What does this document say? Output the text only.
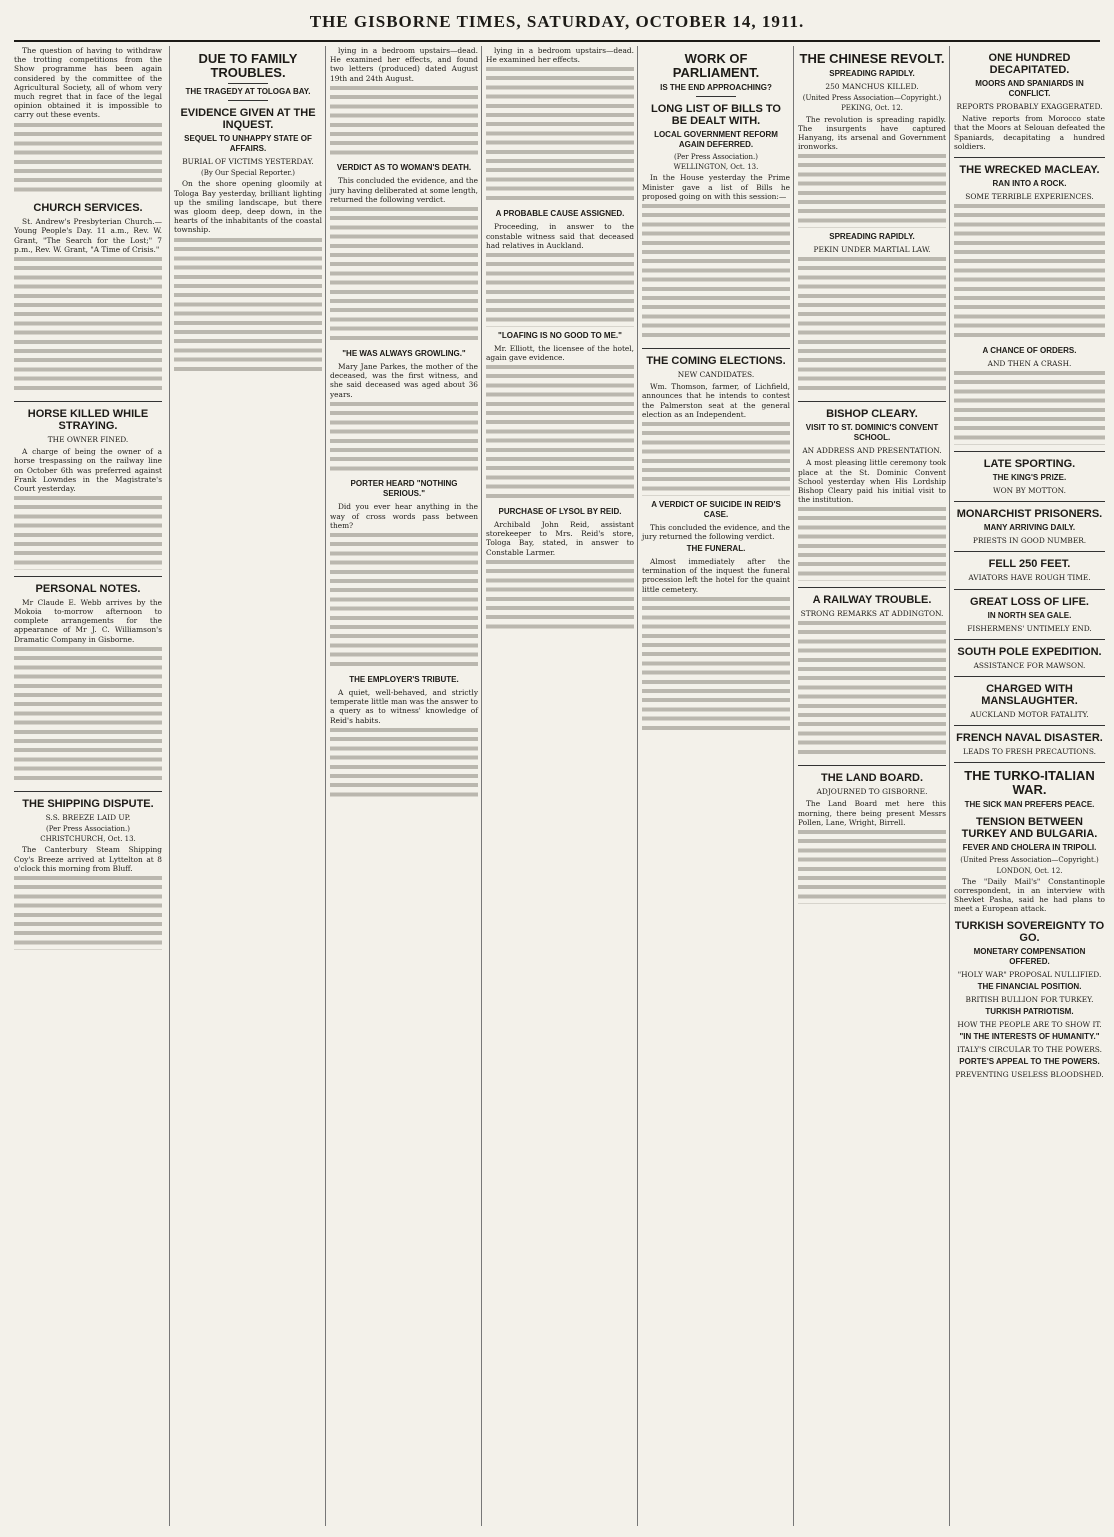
THE GISBORNE TIMES, SATURDAY, OCTOBER 14, 1911.

The question of having to withdraw the trotting competitions from the Show programme has been again considered by the committee of the Agricultural Society, all of whom very much regret that in face of the legal opinion obtained it is impossible to carry out these events.

CHURCH SERVICES.

St. Andrew's Presbyterian Church.—Young People's Day. 11 a.m., Rev. W. Grant, "The Search for the Lost;" 7 p.m., Rev. W. Grant, "A Time of Crisis."

HORSE KILLED WHILE STRAYING.
THE OWNER FINED.

A charge of being the owner of a horse trespassing on the railway line on October 6th was preferred against Frank Lowndes in the Magistrate's Court yesterday.

PERSONAL NOTES.

Mr Claude E. Webb arrives by the Mokoia to-morrow afternoon to complete arrangements for the appearance of Mr J. C. Williamson's Dramatic Company in Gisborne.

THE SHIPPING DISPUTE.
S.S. BREEZE LAID UP.
(Per Press Association.)
CHRISTCHURCH, Oct. 13.

The Canterbury Steam Shipping Coy's Breeze arrived at Lyttelton at 8 o'clock this morning from Bluff.

DUE TO FAMILY TROUBLES.
THE TRAGEDY AT TOLOGA BAY.
EVIDENCE GIVEN AT THE INQUEST.
SEQUEL TO UNHAPPY STATE OF AFFAIRS.
BURIAL OF VICTIMS YESTERDAY.
(By Our Special Reporter.)

On the shore opening gloomily at Tologa Bay yesterday, brilliant lighting up the smiling landscape, but there was gloom deep, deep down, in the hearts of the inhabitants of the coastal township.

lying in a bedroom upstairs—dead. He examined her effects, and found two letters (produced) dated August 19th and 24th August.

VERDICT AS TO WOMAN'S DEATH.

This concluded the evidence, and the jury having deliberated at some length, returned the following verdict.

"HE WAS ALWAYS GROWLING."

Mary Jane Parkes, the mother of the deceased, was the first witness, and she said deceased was aged about 36 years.

PORTER HEARD "NOTHING SERIOUS."

Did you ever hear anything in the way of cross words pass between them?

THE EMPLOYER'S TRIBUTE.

A quiet, well-behaved, and strictly temperate little man was the answer to a query as to witness' knowledge of Reid's habits.

lying in a bedroom upstairs—dead. He examined her effects.

A PROBABLE CAUSE ASSIGNED.

Proceeding, in answer to the constable witness said that deceased had relatives in Auckland.

"LOAFING IS NO GOOD TO ME."

Mr. Elliott, the licensee of the hotel, again gave evidence.

PURCHASE OF LYSOL BY REID.

Archibald John Reid, assistant storekeeper to Mrs. Reid's store, Tologa Bay, stated, in answer to Constable Larmer.

WORK OF PARLIAMENT.
IS THE END APPROACHING?
LONG LIST OF BILLS TO BE DEALT WITH.
LOCAL GOVERNMENT REFORM AGAIN DEFERRED.
(Per Press Association.)
WELLINGTON, Oct. 13.

In the House yesterday the Prime Minister gave a list of Bills he proposed going on with this session:—

THE COMING ELECTIONS.
NEW CANDIDATES.

Wm. Thomson, farmer, of Lichfield, announces that he intends to contest the Palmerston seat at the general election as an Independent.

A VERDICT OF SUICIDE IN REID'S CASE.

This concluded the evidence, and the jury returned the following verdict.

THE FUNERAL.

Almost immediately after the termination of the inquest the funeral procession left the hotel for the quaint little cemetery.

THE CHINESE REVOLT.
SPREADING RAPIDLY.
250 MANCHUS KILLED.
(United Press Association—Copyright.)
PEKING, Oct. 12.

The revolution is spreading rapidly. The insurgents have captured Hanyang, its arsenal and Government ironworks.

SPREADING RAPIDLY.
PEKIN UNDER MARTIAL LAW.
BISHOP CLEARY.
VISIT TO ST. DOMINIC'S CONVENT SCHOOL.
AN ADDRESS AND PRESENTATION.

A most pleasing little ceremony took place at the St. Dominic Convent School yesterday when His Lordship Bishop Cleary paid his initial visit to the institution.

A RAILWAY TROUBLE.
STRONG REMARKS AT ADDINGTON.
THE LAND BOARD.
ADJOURNED TO GISBORNE.

The Land Board met here this morning, there being present Messrs Pollen, Lane, Wright, Birrell.

ONE HUNDRED DECAPITATED.
MOORS AND SPANIARDS IN CONFLICT.
REPORTS PROBABLY EXAGGERATED.

Native reports from Morocco state that the Moors at Selouan defeated the Spaniards, decapitating a hundred soldiers.

THE WRECKED MACLEAY.
RAN INTO A ROCK.
SOME TERRIBLE EXPERIENCES.
A CHANCE OF ORDERS.
AND THEN A CRASH.
LATE SPORTING.
THE KING'S PRIZE.
WON BY MOTTON.
MONARCHIST PRISONERS.
MANY ARRIVING DAILY.
PRIESTS IN GOOD NUMBER.
FELL 250 FEET.
AVIATORS HAVE ROUGH TIME.
GREAT LOSS OF LIFE.
IN NORTH SEA GALE.
FISHERMENS' UNTIMELY END.
SOUTH POLE EXPEDITION.
ASSISTANCE FOR MAWSON.
CHARGED WITH MANSLAUGHTER.
AUCKLAND MOTOR FATALITY.
FRENCH NAVAL DISASTER.
LEADS TO FRESH PRECAUTIONS.
THE TURKO-ITALIAN WAR.
THE SICK MAN PREFERS PEACE.
TENSION BETWEEN TURKEY AND BULGARIA.
FEVER AND CHOLERA IN TRIPOLI.
(United Press Association—Copyright.)
LONDON, Oct. 12.

The "Daily Mail's" Constantinople correspondent, in an interview with Shevket Pasha, said he had plans to meet a European attack.

TURKISH SOVEREIGNTY TO GO.
MONETARY COMPENSATION OFFERED.
"HOLY WAR" PROPOSAL NULLIFIED.
THE FINANCIAL POSITION.
BRITISH BULLION FOR TURKEY.
TURKISH PATRIOTISM.
HOW THE PEOPLE ARE TO SHOW IT.
"IN THE INTERESTS OF HUMANITY."
ITALY'S CIRCULAR TO THE POWERS.
PORTE'S APPEAL TO THE POWERS.
PREVENTING USELESS BLOODSHED.
